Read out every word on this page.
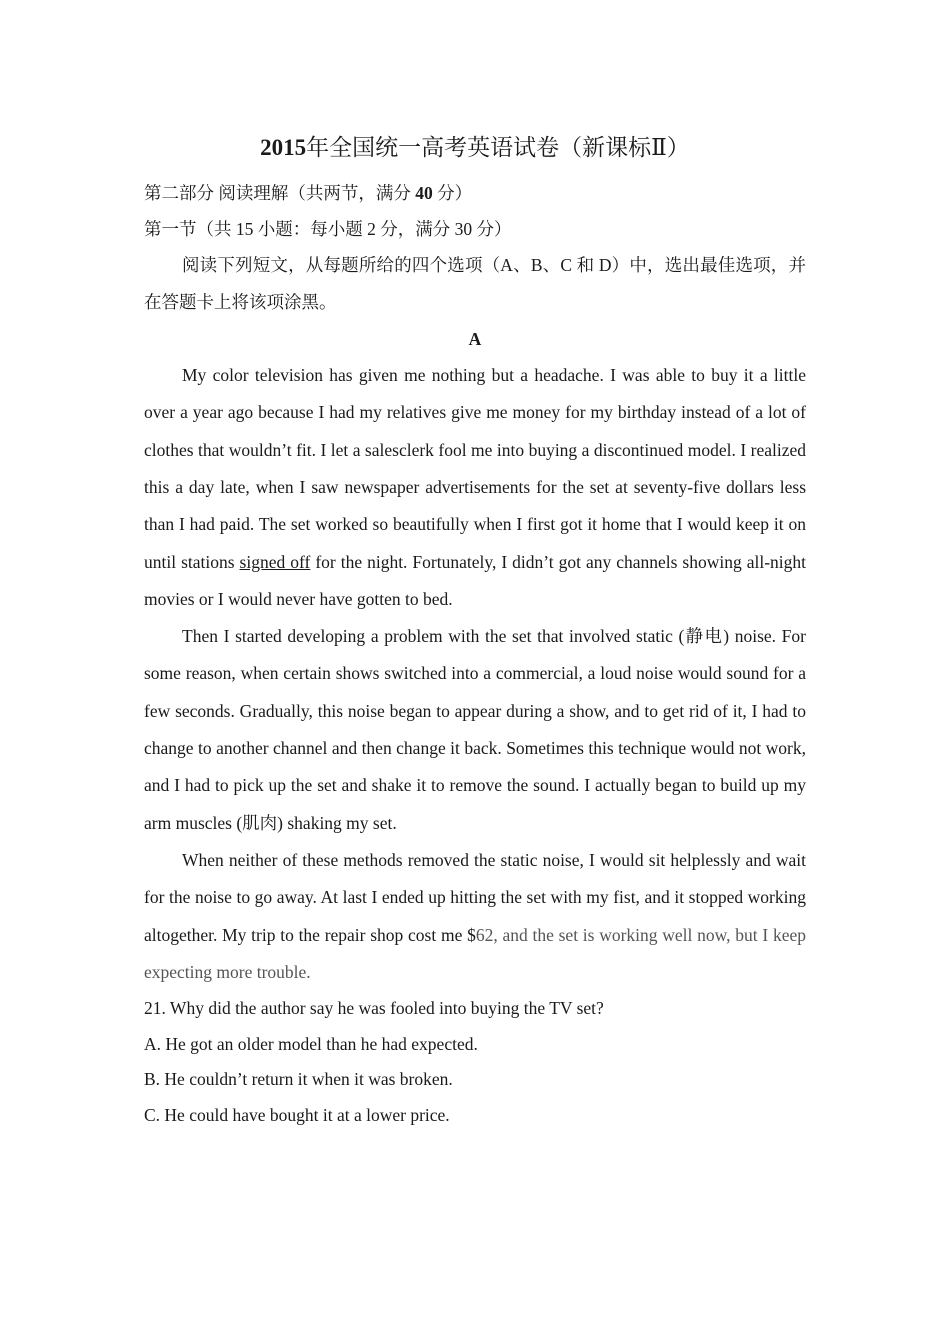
2015年全国统一高考英语试卷（新课标Ⅱ）

第二部分 阅读理解（共两节，满分 40 分）

第一节（共 15 小题：每小题 2 分，满分 30 分）

阅读下列短文，从每题所给的四个选项（A、B、C 和 D）中，选出最佳选项，并在答题卡上将该项涂黑。

A

My color television has given me nothing but a headache. I was able to buy it a little over a year ago because I had my relatives give me money for my birthday instead of a lot of clothes that wouldn’t fit. I let a salesclerk fool me into buying a discontinued model. I realized this a day late, when I saw newspaper advertisements for the set at seventy-five dollars less than I had paid. The set worked so beautifully when I first got it home that I would keep it on until stations signed off for the night. Fortunately, I didn’t got any channels showing all-night movies or I would never have gotten to bed.

Then I started developing a problem with the set that involved static (静电) noise. For some reason, when certain shows switched into a commercial, a loud noise would sound for a few seconds. Gradually, this noise began to appear during a show, and to get rid of it, I had to change to another channel and then change it back. Sometimes this technique would not work, and I had to pick up the set and shake it to remove the sound. I actually began to build up my arm muscles (肌肉) shaking my set.

When neither of these methods removed the static noise, I would sit helplessly and wait for the noise to go away. At last I ended up hitting the set with my fist, and it stopped working altogether. My trip to the repair shop cost me $62, and the set is working well now, but I keep expecting more trouble.

21. Why did the author say he was fooled into buying the TV set?

A. He got an older model than he had expected.

B. He couldn’t return it when it was broken.

C. He could have bought it at a lower price.
